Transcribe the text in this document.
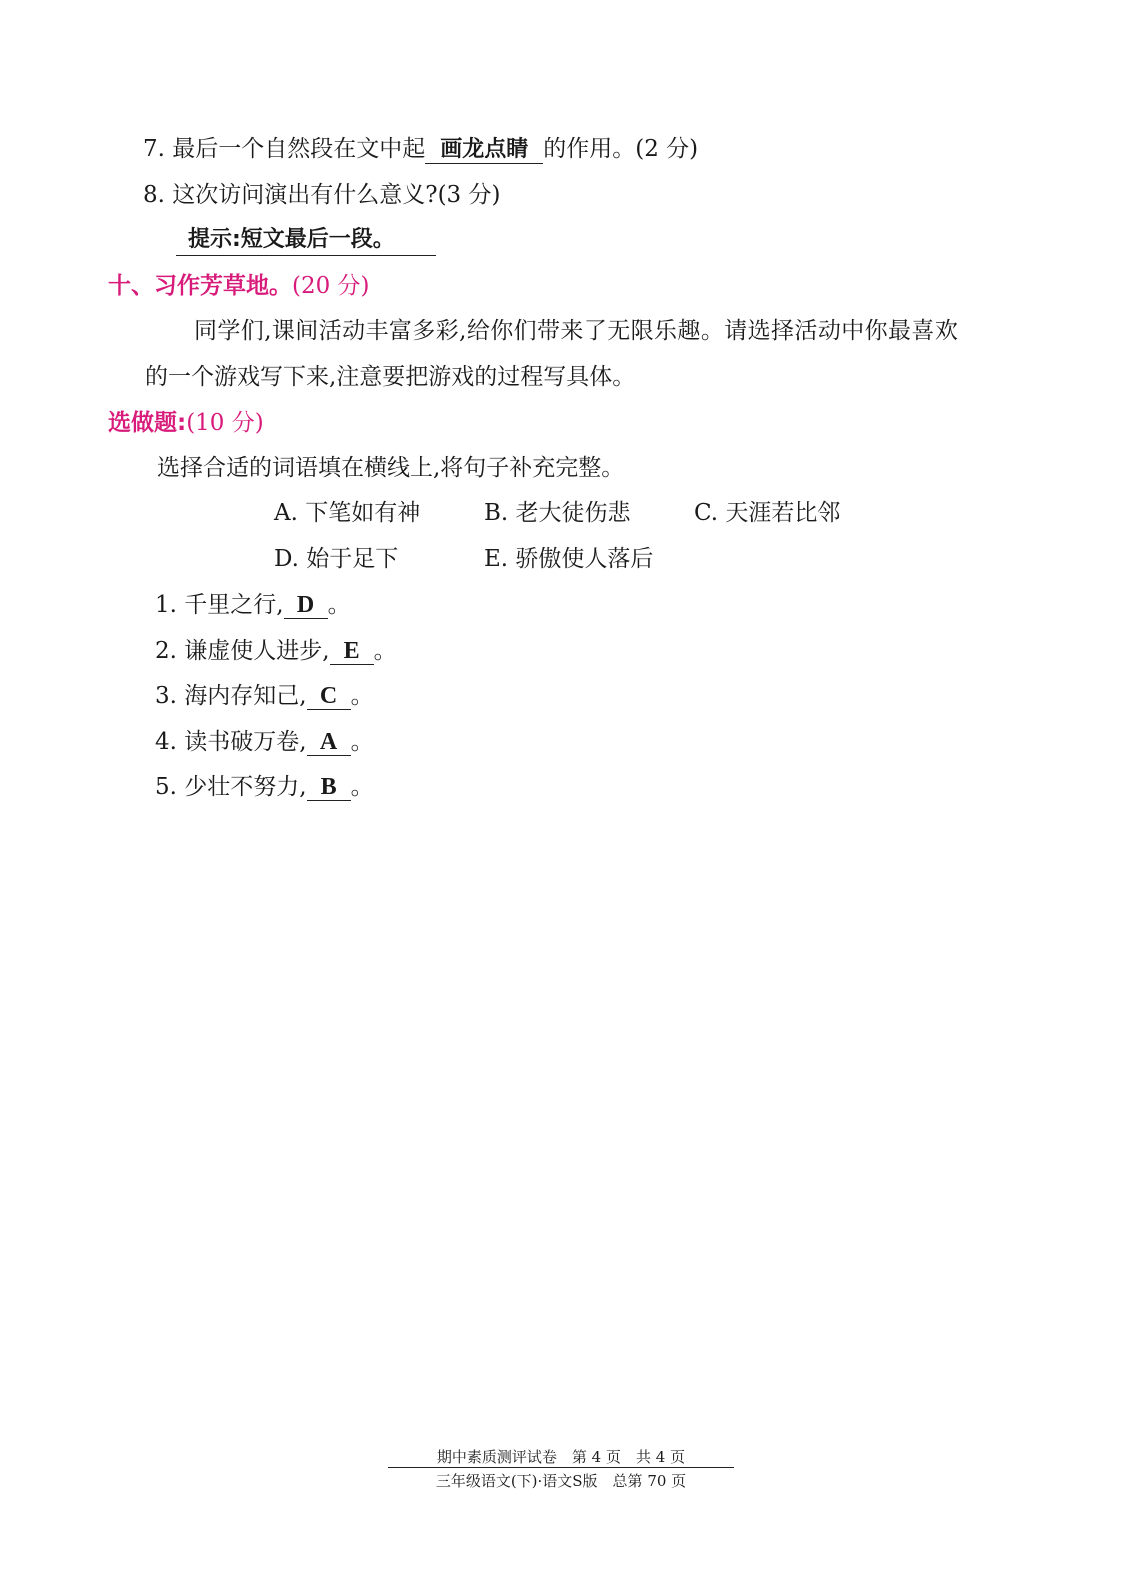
7. 最后一个自然段在文中起 画龙点睛 的作用。(2 分)
8. 这次访问演出有什么意义?(3 分)
提示:短文最后一段。
十、习作芳草地。(20 分)
同学们,课间活动丰富多彩,给你们带来了无限乐趣。请选择活动中你最喜欢
的一个游戏写下来,注意要把游戏的过程写具体。
选做题:(10 分)
选择合适的词语填在横线上,将句子补充完整。
A. 下笔如有神	B. 老大徒伤悲	C. 天涯若比邻
D. 始于足下	E. 骄傲使人落后
1. 千里之行, D 。
2. 谦虚使人进步, E 。
3. 海内存知己, C 。
4. 读书破万卷, A 。
5. 少壮不努力, B 。
期中素质测评试卷　第 4 页　共 4 页
三年级语文(下)·语文S版　总第 70 页
